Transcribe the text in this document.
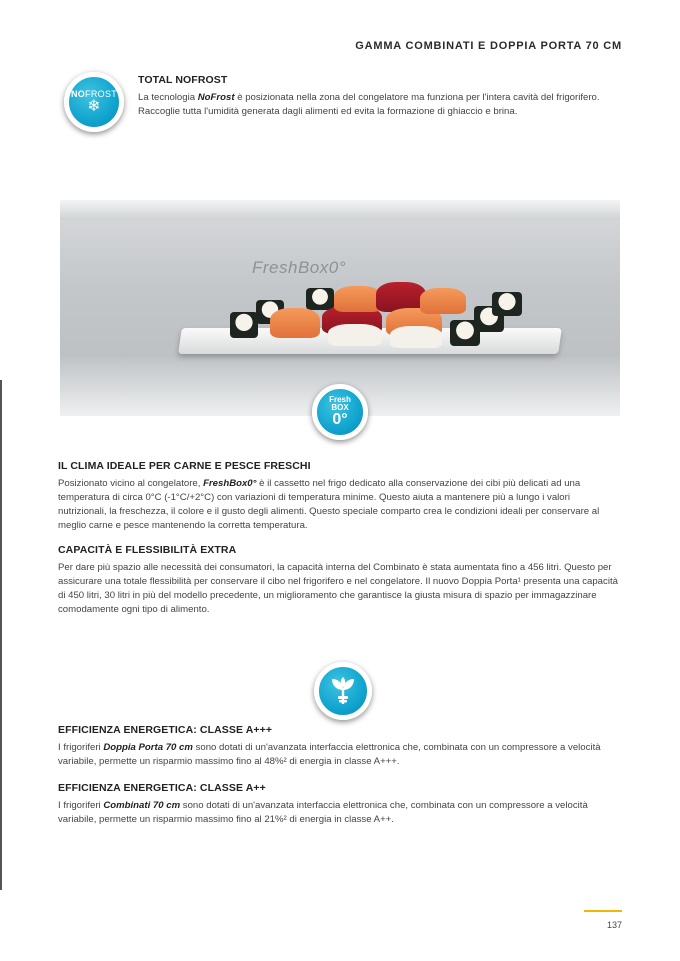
GAMMA COMBINATI E DOPPIA PORTA 70 CM
NOFROST
❄
TOTAL NOFROST

La tecnologia NoFrost è posizionata nella zona del congelatore ma funziona per l'intera cavità del frigorifero. Raccoglie tutta l'umidità generata dagli alimenti ed evita la formazione di ghiaccio e brina.

FreshBox0°
Fresh
BOX
0°
IL CLIMA IDEALE PER CARNE E PESCE FRESCHI

Posizionato vicino al congelatore, FreshBox0° è il cassetto nel frigo dedicato alla conservazione dei cibi più delicati ad una temperatura di circa 0°C (-1°C/+2°C) con variazioni di temperatura minime. Questo aiuta a mantenere più a lungo i valori nutrizionali, la freschezza, il colore e il gusto degli alimenti. Questo speciale comparto crea le condizioni ideali per conservare al meglio carne e pesce mantenendo la corretta temperatura.

CAPACITÀ E FLESSIBILITÀ EXTRA

Per dare più spazio alle necessità dei consumatori, la capacità interna del Combinato è stata aumentata fino a 456 litri. Questo per assicurare una totale flessibilità per conservare il cibo nel frigorifero e nel congelatore. Il nuovo Doppia Porta¹ presenta una capacità di 450 litri, 30 litri in più del modello precedente, un miglioramento che garantisce la giusta misura di spazio per immagazzinare comodamente ogni tipo di alimento.

EFFICIENZA ENERGETICA: CLASSE A+++

I frigoriferi Doppia Porta 70 cm sono dotati di un'avanzata interfaccia elettronica che, combinata con un compressore a velocità variabile, permette un risparmio massimo fino al 48%² di energia in classe A+++.

EFFICIENZA ENERGETICA: CLASSE A++

I frigoriferi Combinati 70 cm sono dotati di un'avanzata interfaccia elettronica che, combinata con un compressore a velocità variabile, permette un risparmio massimo fino al 21%² di energia in classe A++.

137
